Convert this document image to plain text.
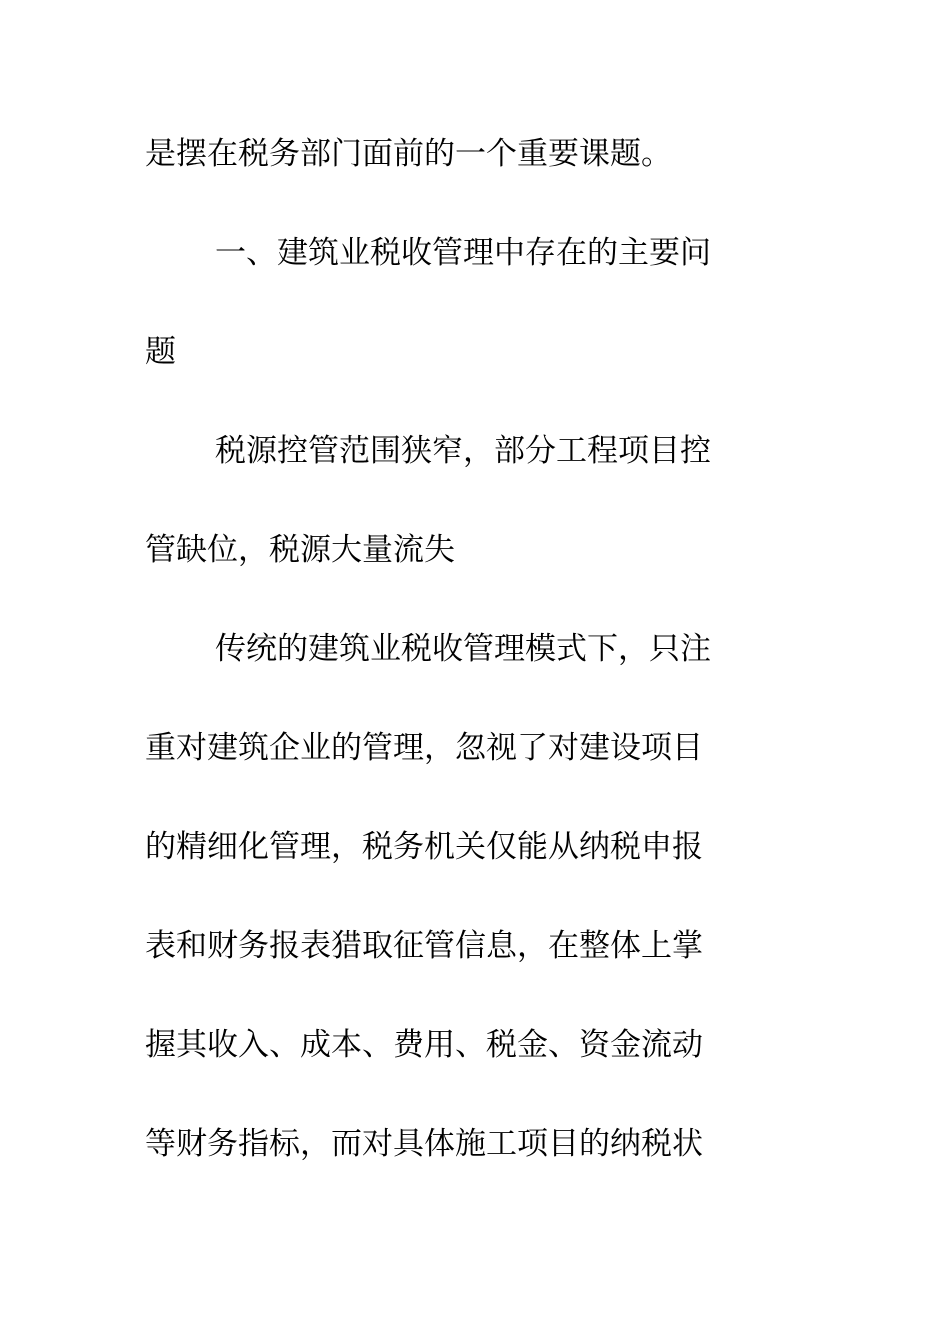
是摆在税务部门面前的一个重要课题。
一、建筑业税收管理中存在的主要问
题
税源控管范围狭窄，部分工程项目控
管缺位，税源大量流失
传统的建筑业税收管理模式下，只注
重对建筑企业的管理，忽视了对建设项目
的精细化管理，税务机关仅能从纳税申报
表和财务报表猎取征管信息，在整体上掌
握其收入、成本、费用、税金、资金流动
等财务指标，而对具体施工项目的纳税状
